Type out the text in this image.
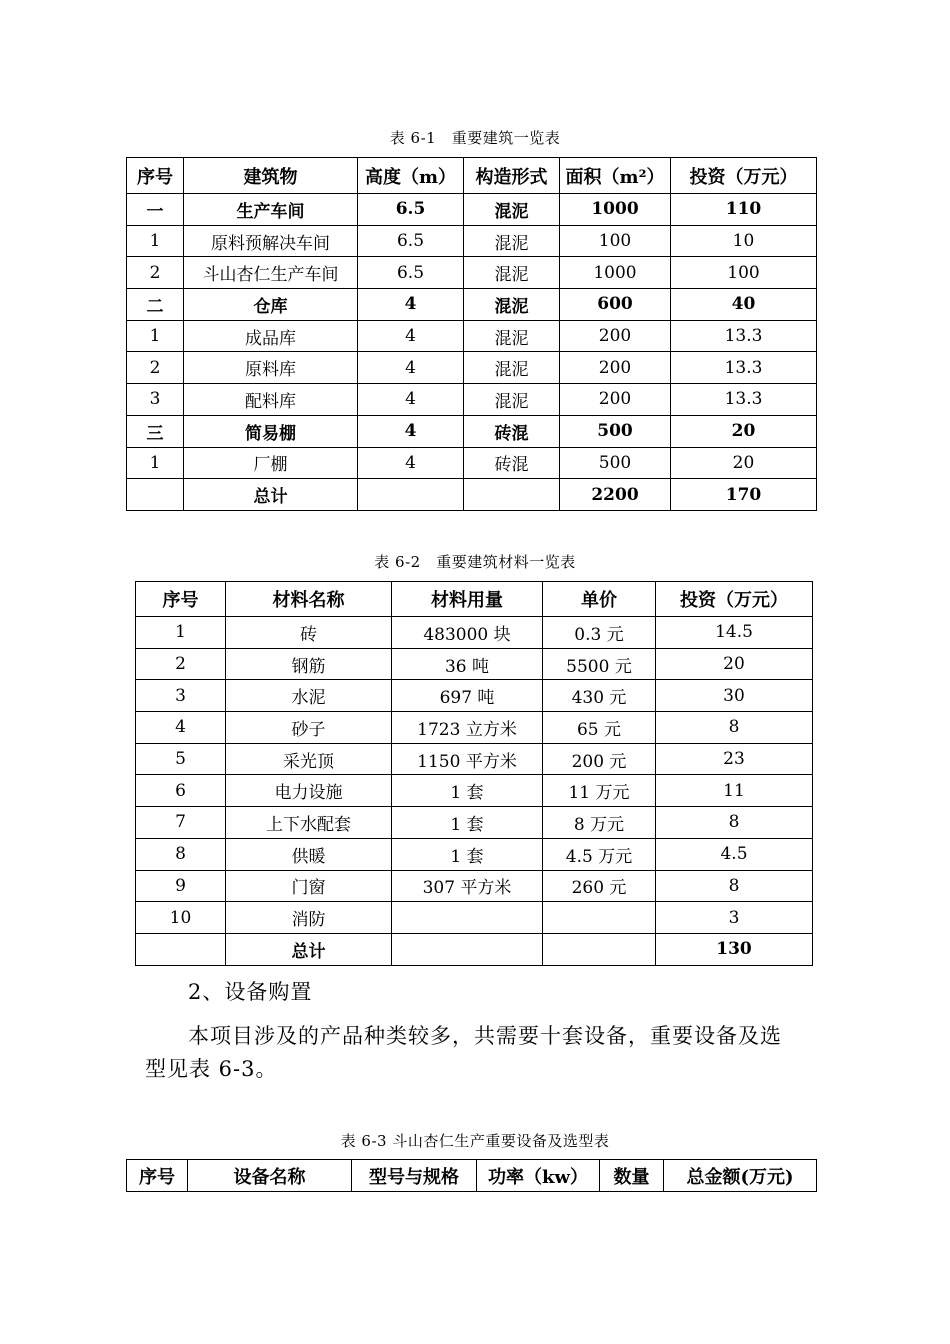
表 6-1　重要建筑一览表
序号	建筑物	高度（m）	构造形式	面积（m²）	投资（万元）
一	生产车间	6.5	混泥	1000	110
1	原料预解决车间	6.5	混泥	100	10
2	斗山杏仁生产车间	6.5	混泥	1000	100
二	仓库	4	混泥	600	40
1	成品库	4	混泥	200	13.3
2	原料库	4	混泥	200	13.3
3	配料库	4	混泥	200	13.3
三	简易棚	4	砖混	500	20
1	厂棚	4	砖混	500	20
	总计			2200	170
表 6-2　重要建筑材料一览表
序号	材料名称	材料用量	单价	投资（万元）
1	砖	483000 块	0.3 元	14.5
2	钢筋	36 吨	5500 元	20
3	水泥	697 吨	430 元	30
4	砂子	1723 立方米	65 元	8
5	采光顶	1150 平方米	200 元	23
6	电力设施	1 套	11 万元	11
7	上下水配套	1 套	8 万元	8
8	供暖	1 套	4.5 万元	4.5
9	门窗	307 平方米	260 元	8
10	消防			3
	总计			130
2、设备购置
本项目涉及的产品种类较多，共需要十套设备，重要设备及选
型见表 6-3。
表 6-3 斗山杏仁生产重要设备及选型表
序号	设备名称	型号与规格	功率（kw）	数量	总金额(万元)
